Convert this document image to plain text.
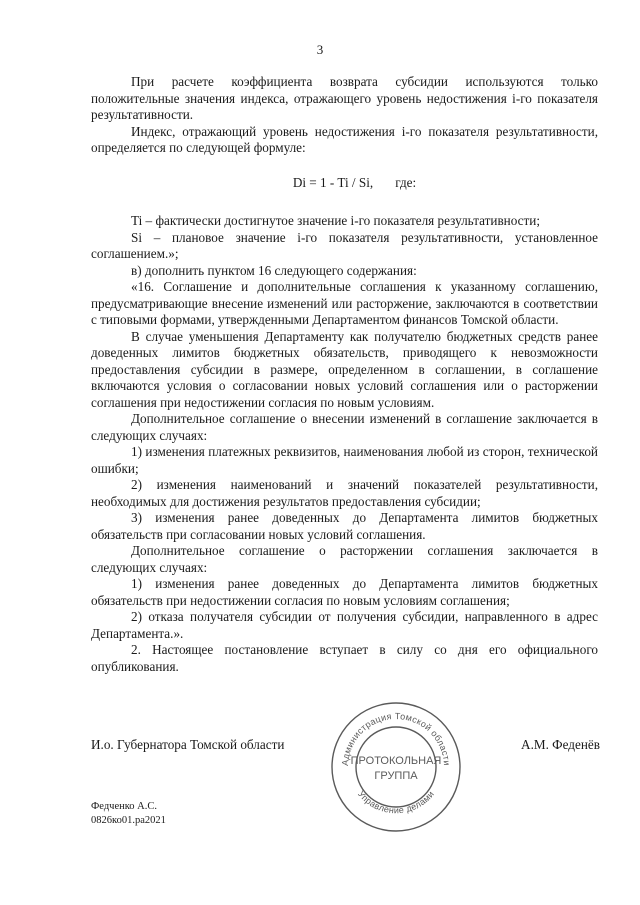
3

При расчете коэффициента возврата субсидии используются только положительные значения индекса, отражающего уровень недостижения i-го показателя результативности.

Индекс, отражающий уровень недостижения i-го показателя результативности, определяется по следующей формуле:

Di = 1 - Ti / Si, где:

Ti – фактически достигнутое значение i-го показателя результативности;

Si – плановое значение i-го показателя результативности, установленное соглашением.»;

в) дополнить пунктом 16 следующего содержания:

«16. Соглашение и дополнительные соглашения к указанному соглашению, предусматривающие внесение изменений или расторжение, заключаются в соответствии с типовыми формами, утвержденными Департаментом финансов Томской области.

В случае уменьшения Департаменту как получателю бюджетных средств ранее доведенных лимитов бюджетных обязательств, приводящего к невозможности предоставления субсидии в размере, определенном в соглашении, в соглашение включаются условия о согласовании новых условий соглашения или о расторжении соглашения при недостижении согласия по новым условиям.

Дополнительное соглашение о внесении изменений в соглашение заключается в следующих случаях:

1) изменения платежных реквизитов, наименования любой из сторон, технической ошибки;

2) изменения наименований и значений показателей результативности, необходимых для достижения результатов предоставления субсидии;

3) изменения ранее доведенных до Департамента лимитов бюджетных обязательств при согласовании новых условий соглашения.

Дополнительное соглашение о расторжении соглашения заключается в следующих случаях:

1) изменения ранее доведенных до Департамента лимитов бюджетных обязательств при недостижении согласия по новым условиям соглашения;

2) отказа получателя субсидии от получения субсидии, направленного в адрес Департамента.».

2. Настоящее постановление вступает в силу со дня его официального опубликования.

Администрация Томской области
Управление делами
ПРОТОКОЛЬНАЯ
ГРУППА
И.о. Губернатора Томской области	А.М. Феденёв
Федченко А.С.
0826ко01.ра2021
